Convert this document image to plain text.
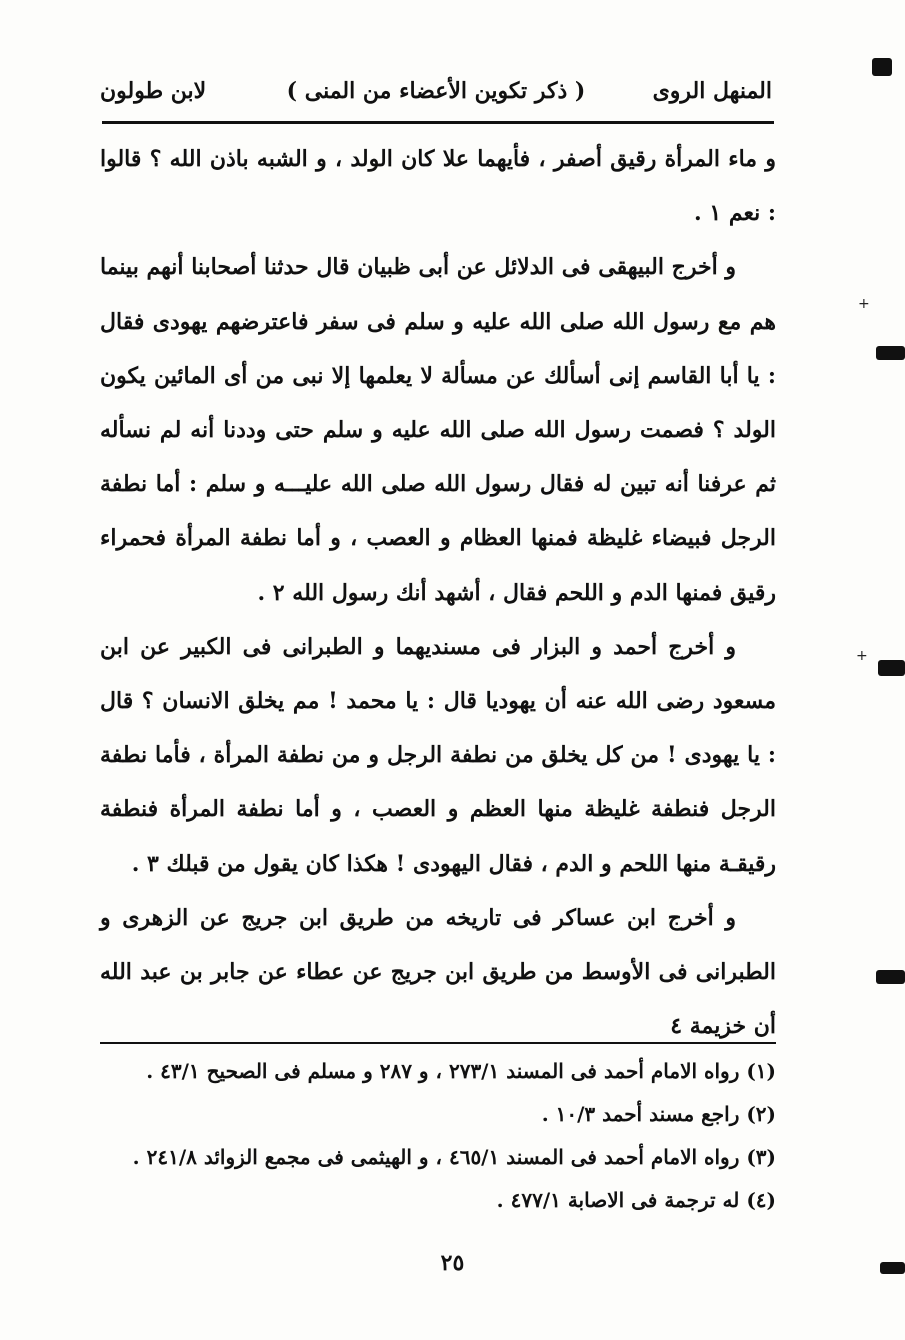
المنهل الروى
( ذكر تكوين الأعضاء من المنى )
لابن طولون

و ماء المرأة رقيق أصفر ، فأيهما علا كان الولد ، و الشبه باذن الله ؟ قالوا : نعم ١ .

و أخرج البيهقى فى الدلائل عن أبى ظبيان قال حدثنا أصحابنا أنهم بينما هم مع رسول الله صلى الله عليه و سلم فى سفر فاعترضهم يهودى فقال : يا أبا القاسم إنى أسألك عن مسألة لا يعلمها إلا نبى من أى المائين يكون الولد ؟ فصمت رسول الله صلى الله عليه و سلم حتى وددنا أنه لم نسأله ثم عرفنا أنه تبين له فقال رسول الله صلى الله عليـــه و سلم : أما نطفة الرجل فبيضاء غليظة فمنها العظام و العصب ، و أما نطفة المرأة فحمراء رقيق فمنها الدم و اللحم فقال ، أشهد أنك رسول الله ٢ .

و أخرج أحمد و البزار فى مسنديهما و الطبرانى فى الكبير عن ابن مسعود رضى الله عنه أن يهوديا قال : يا محمد ! مم يخلق الانسان ؟ قال : يا يهودى ! من كل يخلق من نطفة الرجل و من نطفة المرأة ، فأما نطفة الرجل فنطفة غليظة منها العظم و العصب ، و أما نطفة المرأة فنطفة رقيقـة منها اللحم و الدم ، فقال اليهودى ! هكذا كان يقول من قبلك ٣ .

و أخرج ابن عساكر فى تاريخه من طريق ابن جريج عن الزهرى و الطبرانى فى الأوسط من طريق ابن جريج عن عطاء عن جابر بن عبد الله أن خزيمة ٤

(١) رواه الامام أحمد فى المسند ٢٧٣/١ ، و ٢٨٧ و مسلم فى الصحيح ٤٣/١ .

(٢) راجع مسند أحمد ١٠/٣ .

(٣) رواه الامام أحمد فى المسند ٤٦٥/١ ، و الهيثمى فى مجمع الزوائد ٢٤١/٨ .

(٤) له ترجمة فى الاصابة ٤٧٧/١ .

٢٥
+
+
